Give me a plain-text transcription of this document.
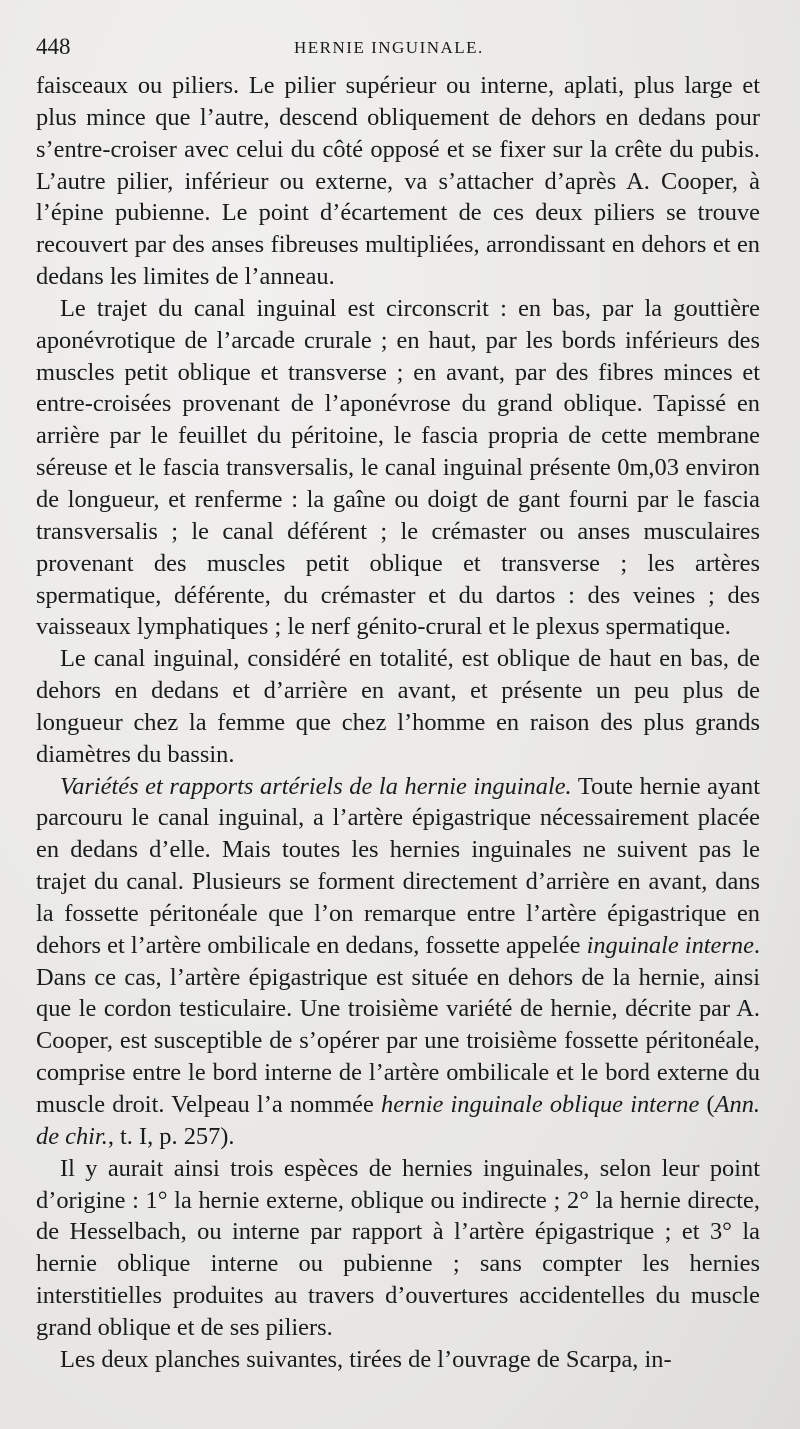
448	HERNIE INGUINALE.

faisceaux ou piliers. Le pilier supérieur ou interne, aplati, plus large et plus mince que l’autre, descend obliquement de dehors en dedans pour s’entre-croiser avec celui du côté opposé et se fixer sur la crête du pubis. L’autre pilier, inférieur ou externe, va s’attacher d’après A. Cooper, à l’épine pubienne. Le point d’écartement de ces deux piliers se trouve recouvert par des anses fibreuses multipliées, arrondissant en dehors et en dedans les limites de l’anneau.

Le trajet du canal inguinal est circonscrit : en bas, par la gouttière aponévrotique de l’arcade crurale ; en haut, par les bords inférieurs des muscles petit oblique et transverse ; en avant, par des fibres minces et entre-croisées provenant de l’aponévrose du grand oblique. Tapissé en arrière par le feuillet du péritoine, le fascia propria de cette membrane séreuse et le fascia transversalis, le canal inguinal présente 0m,03 environ de longueur, et renferme : la gaîne ou doigt de gant fourni par le fascia transversalis ; le canal déférent ; le crémaster ou anses musculaires provenant des muscles petit oblique et transverse ; les artères spermatique, déférente, du crémaster et du dartos : des veines ; des vaisseaux lymphatiques ; le nerf génito-crural et le plexus spermatique.

Le canal inguinal, considéré en totalité, est oblique de haut en bas, de dehors en dedans et d’arrière en avant, et présente un peu plus de longueur chez la femme que chez l’homme en raison des plus grands diamètres du bassin.

Variétés et rapports artériels de la hernie inguinale. Toute hernie ayant parcouru le canal inguinal, a l’artère épigastrique nécessairement placée en dedans d’elle. Mais toutes les hernies inguinales ne suivent pas le trajet du canal. Plusieurs se forment directement d’arrière en avant, dans la fossette péritonéale que l’on remarque entre l’artère épigastrique en dehors et l’artère ombilicale en dedans, fossette appelée inguinale interne. Dans ce cas, l’artère épigastrique est située en dehors de la hernie, ainsi que le cordon testiculaire. Une troisième variété de hernie, décrite par A. Cooper, est susceptible de s’opérer par une troisième fossette péritonéale, comprise entre le bord interne de l’artère ombilicale et le bord externe du muscle droit. Velpeau l’a nommée hernie inguinale oblique interne (Ann. de chir., t. I, p. 257).

Il y aurait ainsi trois espèces de hernies inguinales, selon leur point d’origine : 1° la hernie externe, oblique ou indirecte ; 2° la hernie directe, de Hesselbach, ou interne par rapport à l’artère épigastrique ; et 3° la hernie oblique interne ou pubienne ; sans compter les hernies interstitielles produites au travers d’ouvertures accidentelles du muscle grand oblique et de ses piliers.

Les deux planches suivantes, tirées de l’ouvrage de Scarpa, in-
